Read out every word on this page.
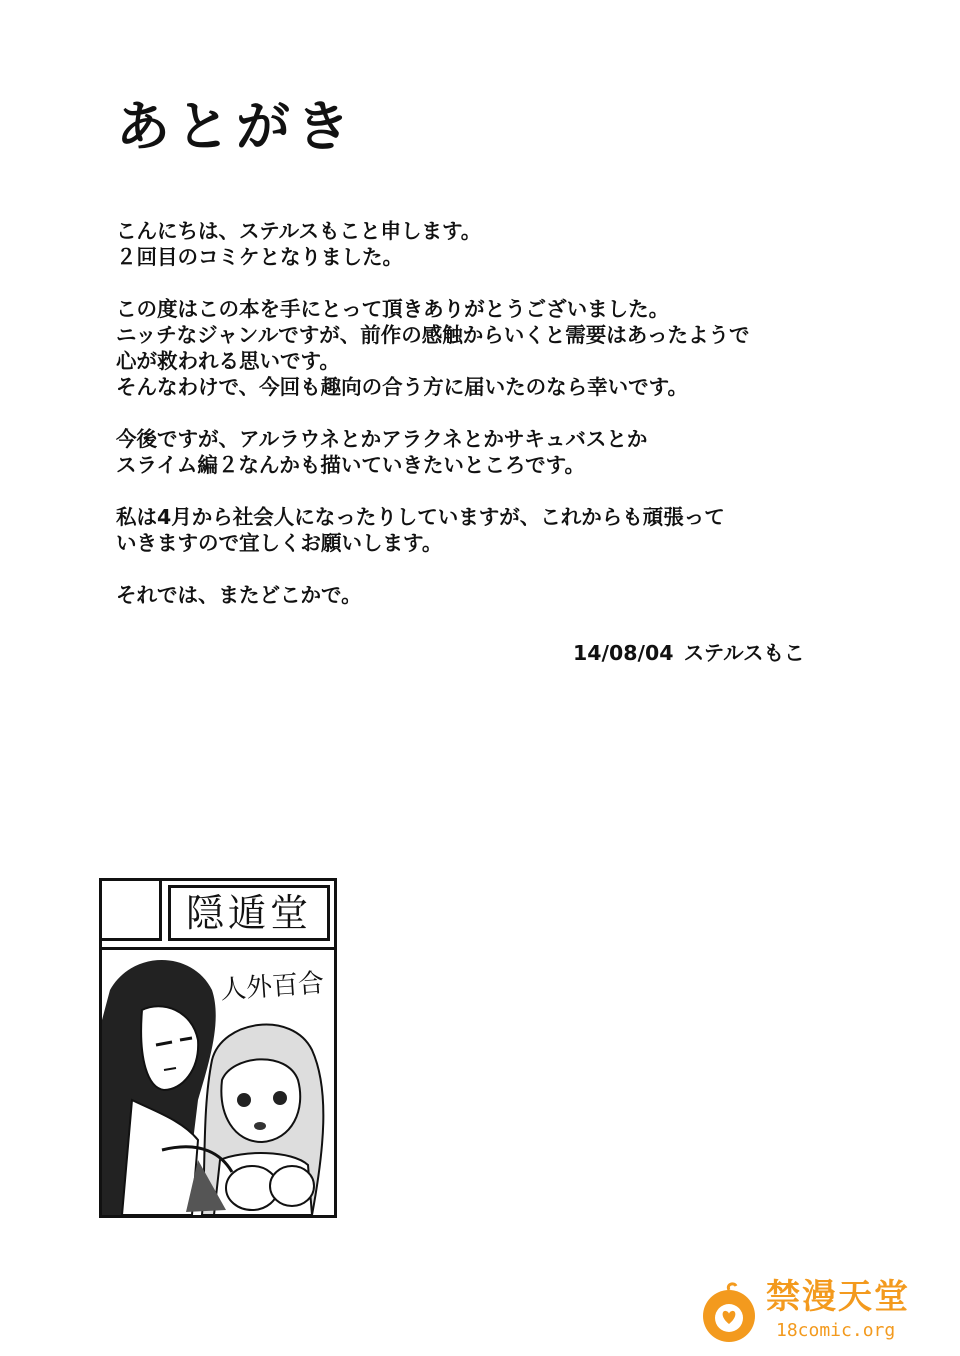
あとがき

こんにちは、ステルスもこと申します。
２回目のコミケとなりました。

この度はこの本を手にとって頂きありがとうございました。
ニッチなジャンルですが、前作の感触からいくと需要はあったようで
心が救われる思いです。
そんなわけで、今回も趣向の合う方に届いたのなら幸いです。

今後ですが、アルラウネとかアラクネとかサキュバスとか
スライム編２なんかも描いていきたいところです。

私は4月から社会人になったりしていますが、これからも頑張って
いきますので宜しくお願いします。

それでは、またどこかで。

14/08/04 ステルスもこ
隠遁堂
人外百合
禁漫天堂
18comic.org
